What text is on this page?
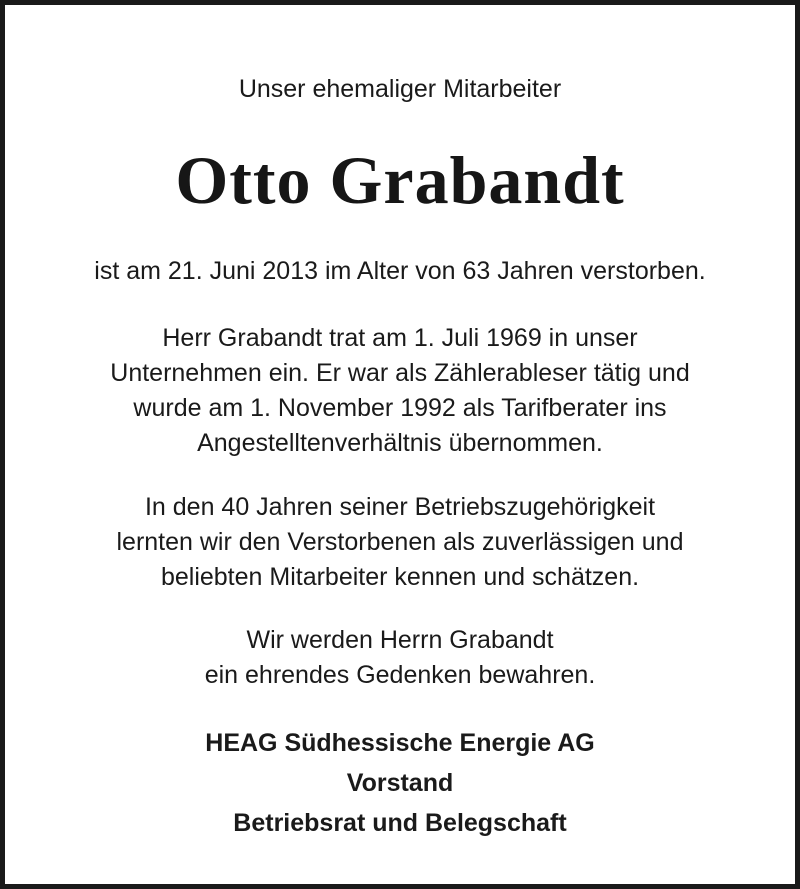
Unser ehemaliger Mitarbeiter
Otto Grabandt
ist am 21. Juni 2013 im Alter von 63 Jahren verstorben.
Herr Grabandt trat am 1. Juli 1969 in unser
Unternehmen ein. Er war als Zählerableser tätig und
wurde am 1. November 1992 als Tarifberater ins
Angestelltenverhältnis übernommen.
In den 40 Jahren seiner Betriebszugehörigkeit
lernten wir den Verstorbenen als zuverlässigen und
beliebten Mitarbeiter kennen und schätzen.
Wir werden Herrn Grabandt
ein ehrendes Gedenken bewahren.
HEAG Südhessische Energie AG
Vorstand
Betriebsrat und Belegschaft
